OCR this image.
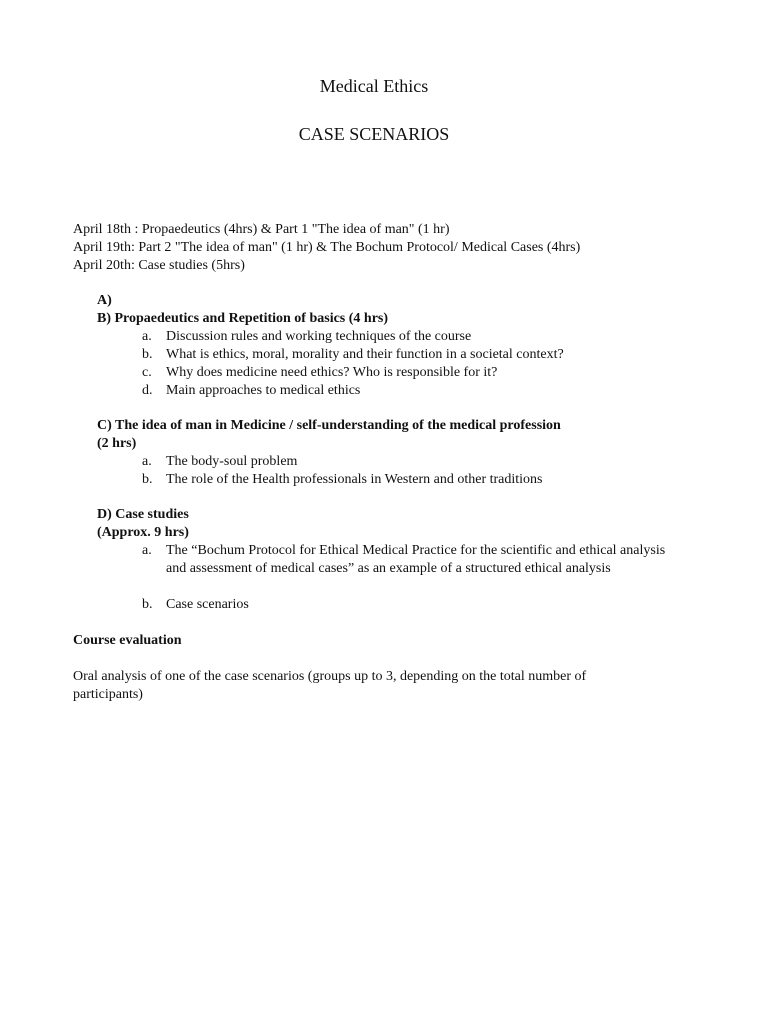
Medical Ethics
CASE SCENARIOS
April 18th : Propaedeutics (4hrs) & Part 1 "The idea of man" (1 hr)
April 19th: Part 2 "The idea of man" (1 hr) & The Bochum Protocol/ Medical Cases (4hrs)
April 20th: Case studies (5hrs)
A)
B) Propaedeutics and Repetition of basics (4 hrs)
a. Discussion rules and working techniques of the course
b. What is ethics, moral, morality and their function in a societal context?
c. Why does medicine need ethics? Who is responsible for it?
d. Main approaches to medical ethics
C) The idea of man in Medicine / self-understanding of the medical profession
(2 hrs)
a. The body-soul problem
b. The role of the Health professionals in Western and other traditions
D) Case studies
(Approx. 9 hrs)
a.	The “Bochum Protocol for Ethical Medical Practice for the scientific and ethical analysis and assessment of medical cases” as an example of a structured ethical analysis
b. Case scenarios
Course evaluation
Oral analysis of one of the case scenarios (groups up to 3, depending on the total number of
participants)
